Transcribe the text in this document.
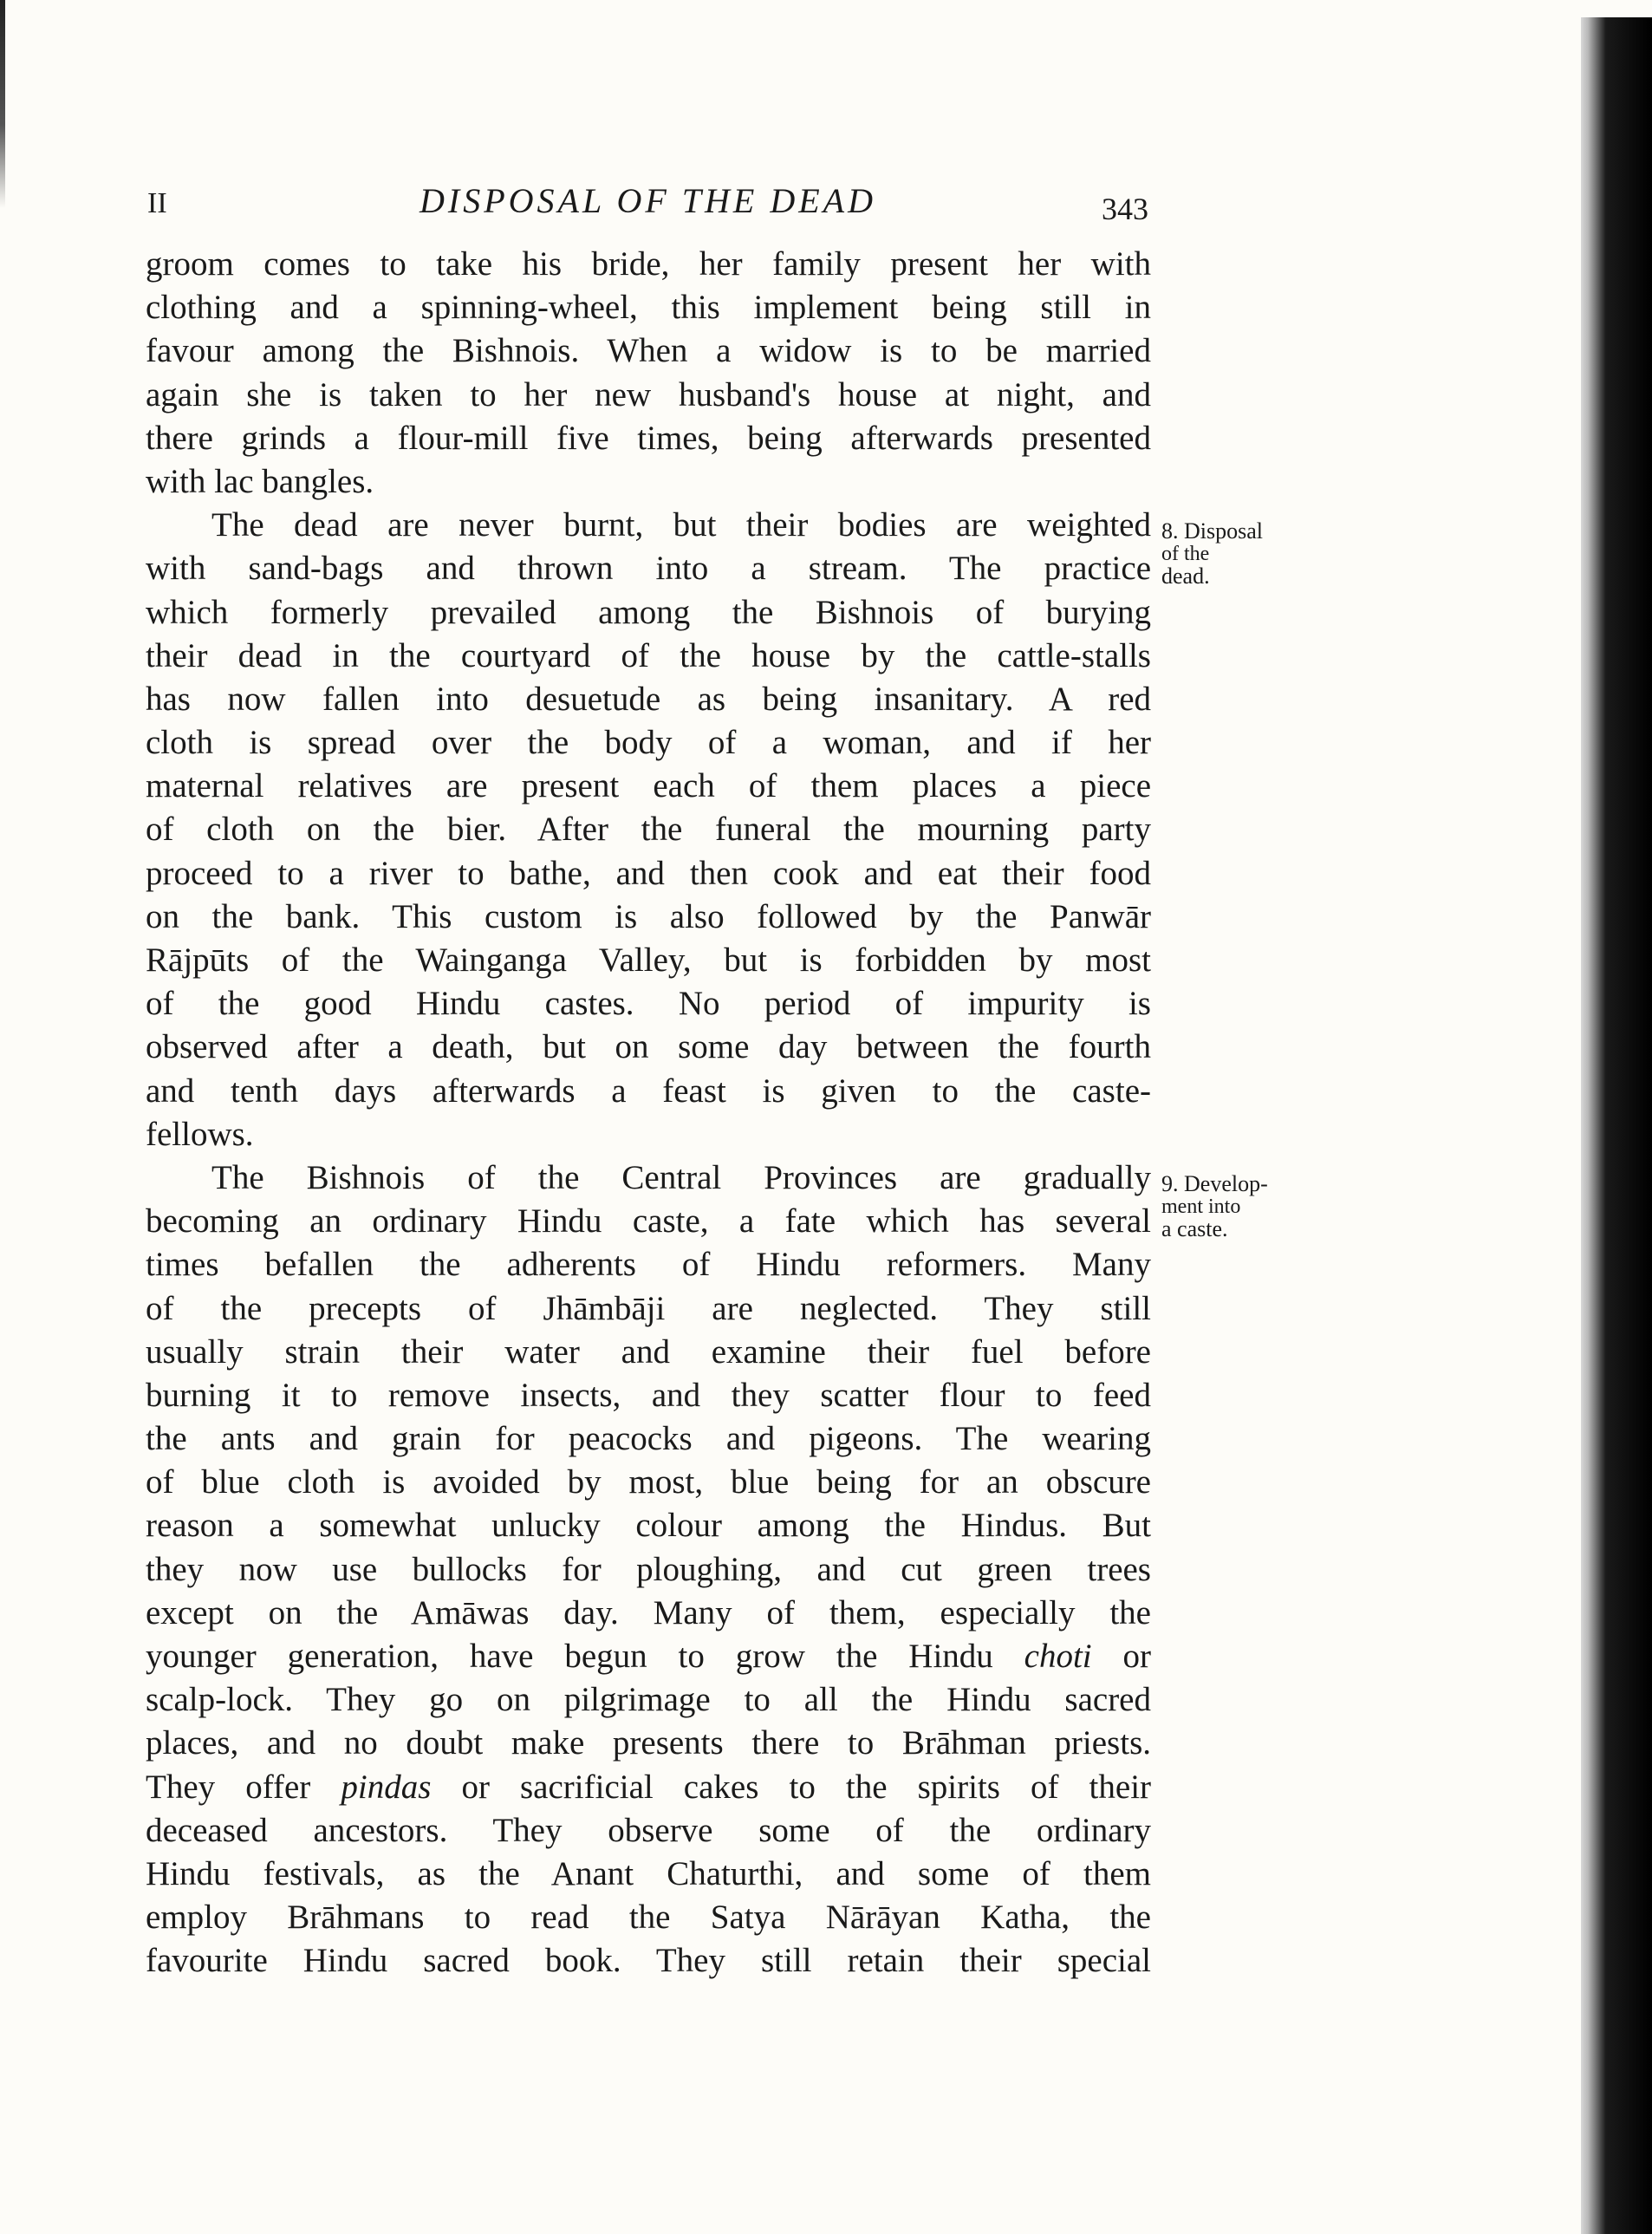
II	DISPOSAL OF THE DEAD	343
groom comes to take his bride, her family present her with
clothing and a spinning-wheel, this implement being still in
favour among the Bishnois. When a widow is to be married
again she is taken to her new husband's house at night, and
there grinds a flour-mill five times, being afterwards presented
with lac bangles.
The dead are never burnt, but their bodies are weighted
with sand-bags and thrown into a stream. The practice
which formerly prevailed among the Bishnois of burying
their dead in the courtyard of the house by the cattle-stalls
has now fallen into desuetude as being insanitary. A red
cloth is spread over the body of a woman, and if her
maternal relatives are present each of them places a piece
of cloth on the bier. After the funeral the mourning party
proceed to a river to bathe, and then cook and eat their food
on the bank. This custom is also followed by the Panwār
Rājpūts of the Wainganga Valley, but is forbidden by most
of the good Hindu castes. No period of impurity is
observed after a death, but on some day between the fourth
and tenth days afterwards a feast is given to the caste-
fellows.
The Bishnois of the Central Provinces are gradually
becoming an ordinary Hindu caste, a fate which has several
times befallen the adherents of Hindu reformers. Many
of the precepts of Jhāmbāji are neglected. They still
usually strain their water and examine their fuel before
burning it to remove insects, and they scatter flour to feed
the ants and grain for peacocks and pigeons. The wearing
of blue cloth is avoided by most, blue being for an obscure
reason a somewhat unlucky colour among the Hindus. But
they now use bullocks for ploughing, and cut green trees
except on the Amāwas day. Many of them, especially the
younger generation, have begun to grow the Hindu choti or
scalp-lock. They go on pilgrimage to all the Hindu sacred
places, and no doubt make presents there to Brāhman priests.
They offer pindas or sacrificial cakes to the spirits of their
deceased ancestors. They observe some of the ordinary
Hindu festivals, as the Anant Chaturthi, and some of them
employ Brāhmans to read the Satya Nārāyan Katha, the
favourite Hindu sacred book. They still retain their special
8. Disposal
of the
dead.
9. Develop-
ment into
a caste.
